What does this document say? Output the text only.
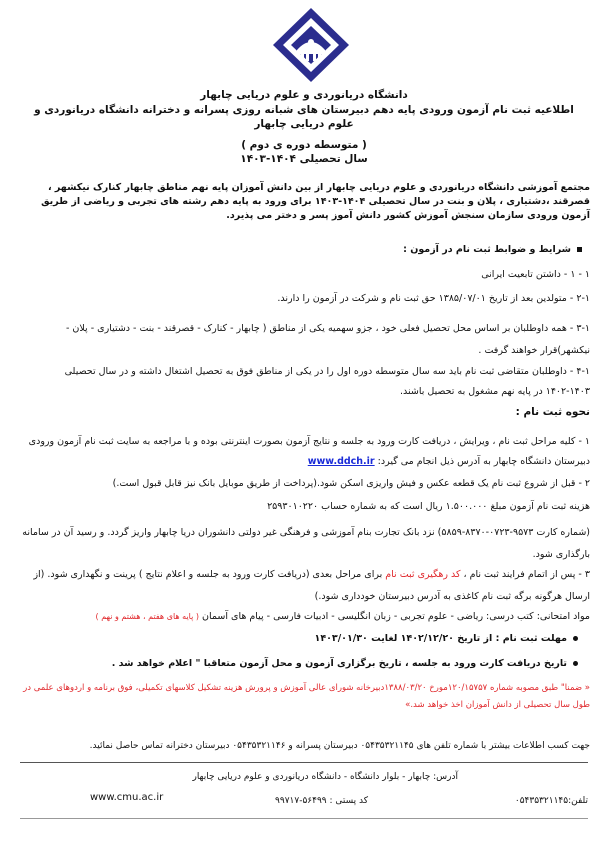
دانشگاه دریانوردی و علوم دریایی چابهار
اطلاعیه ثبت نام آزمون ورودی پایه دهم دبیرستان های شبانه روزی پسرانه و دخترانه دانشگاه دریانوردی و علوم دریایی چابهار
( متوسطه دوره ی دوم )
سال تحصیلی ۱۴۰۴-۱۴۰۳
مجتمع آموزشی دانشگاه دریانوردی و علوم دریایی چابهار از بین دانش آموزان پایه نهم مناطق چابهار کنارک نیکشهر ، قصرقند ،دشتیاری ، پلان و بنت در سال تحصیلی ۱۴۰۴-۱۴۰۳ برای ورود به پایه دهم رشته های تجربی و ریاضی از طریق آزمون ورودی سازمان سنجش آموزش کشور دانش آموز پسر و دختر می پذیرد.
شرایط و ضوابط ثبت نام در آزمون :
۱ - ۱ - داشتن تابعیت ایرانی
۲-۱ - متولدین بعد از تاریخ ۱۳۸۵/۰۷/۰۱ حق ثبت نام و شرکت در آزمون را دارند.
۳-۱ - همه داوطلبان بر اساس محل تحصیل فعلی خود ، جزو سهمیه یکی از مناطق ( چابهار - کنارک - قصرقند - بنت - دشتیاری - پلان - نیکشهر)قرار خواهند گرفت .
۴-۱ - داوطلبان متقاضی ثبت نام باید سه سال متوسطه دوره اول را در یکی از مناطق فوق به تحصیل اشتغال داشته و در سال تحصیلی ۱۴۰۳-۱۴۰۲ در پایه نهم مشغول به تحصیل باشند.
نحوه ثبت نام :
۱ - کلیه مراحل ثبت نام ، ویرایش ، دریافت کارت ورود به جلسه و نتایج آزمون بصورت اینترنتی بوده و با مراجعه به سایت ثبت نام آزمون ورودی دبیرستان دانشگاه چابهار به آدرس ذیل انجام می گیرد: www.ddch.ir
۲ - قبل از شروع ثبت نام یک قطعه عکس و فیش واریزی اسکن شود.(پرداخت از طریق موبایل بانک نیز قابل قبول است.)
هزینه ثبت نام آزمون مبلغ ۱.۵۰۰.۰۰۰ ریال است که به شماره حساب ۲۵۹۳۰۱۰۲۲۰
(شماره کارت ۹۵۷۳-۰۷۲۳-۸۳۷۰-۵۸۵۹) نزد بانک تجارت بنام آموزشی و فرهنگی غیر دولتی دانشوران دریا چابهار واریز گردد. و رسید آن در سامانه بارگذاری شود.
۳ - پس از اتمام فرایند ثبت نام ، کد رهگیری ثبت نام برای مراحل بعدی (دریافت کارت ورود به جلسه و اعلام نتایج ) پرینت و نگهداری شود. (از ارسال هرگونه برگه ثبت نام کاغذی به آدرس دبیرستان خودداری شود.)
مواد امتحانی: کتب درسی: ریاضی - علوم تجربی - زبان انگلیسی - ادبیات فارسی - پیام های آسمان ( پایه های هفتم ، هشتم و نهم )
مهلت ثبت نام : از تاریخ ۱۴۰۲/۱۲/۲۰ لغایت ۱۴۰۳/۰۱/۳۰
تاریخ دریافت کارت ورود به جلسه ، تاریخ برگزاری آزمون و محل آزمون متعاقبا " اعلام خواهد شد .
« ضمنا" طبق مصوبه شماره ۱۲۰/۱۵۷۵۷مورخ ۱۳۸۸/۰۳/۲۰دبیرخانه شورای عالی آموزش و پرورش هزینه تشکیل کلاسهای تکمیلی، فوق برنامه و اردوهای علمی در طول سال تحصیلی از دانش آموزان اخذ خواهد شد.»
جهت کسب اطلاعات بیشتر با شماره تلفن های ۰۵۴۳۵۳۲۱۱۴۵ دبیرستان پسرانه و ۰۵۴۳۵۳۲۱۱۴۶ دبیرستان دخترانه تماس حاصل نمائید.
آدرس: چابهار - بلوار دانشگاه - دانشگاه دریانوردی و علوم دریایی چابهار
تلفن:۰۵۴۳۵۳۲۱۱۴۵
کد پستی : ۵۶۴۹۹-۹۹۷۱۷
www.cmu.ac.ir
